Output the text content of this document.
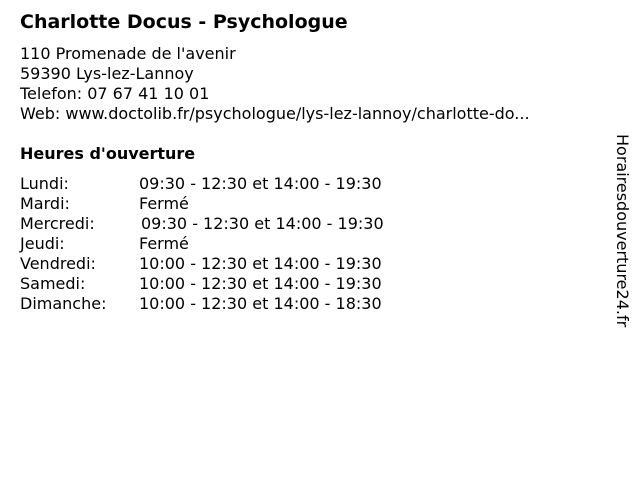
Charlotte Docus - Psychologue
110 Promenade de l'avenir
59390 Lys-lez-Lannoy
Telefon: 07 67 41 10 01
Web: www.doctolib.fr/psychologue/lys-lez-lannoy/charlotte-do...
Heures d'ouverture
Lundi:	09:30 - 12:30 et 14:00 - 19:30
Mardi:	Fermé
Mercredi:	09:30 - 12:30 et 14:00 - 19:30
Jeudi:	Fermé
Vendredi:	10:00 - 12:30 et 14:00 - 19:30
Samedi:	10:00 - 12:30 et 14:00 - 19:30
Dimanche: 10:00 - 12:30 et 14:00 - 18:30	Horairesdouverture24.fr
